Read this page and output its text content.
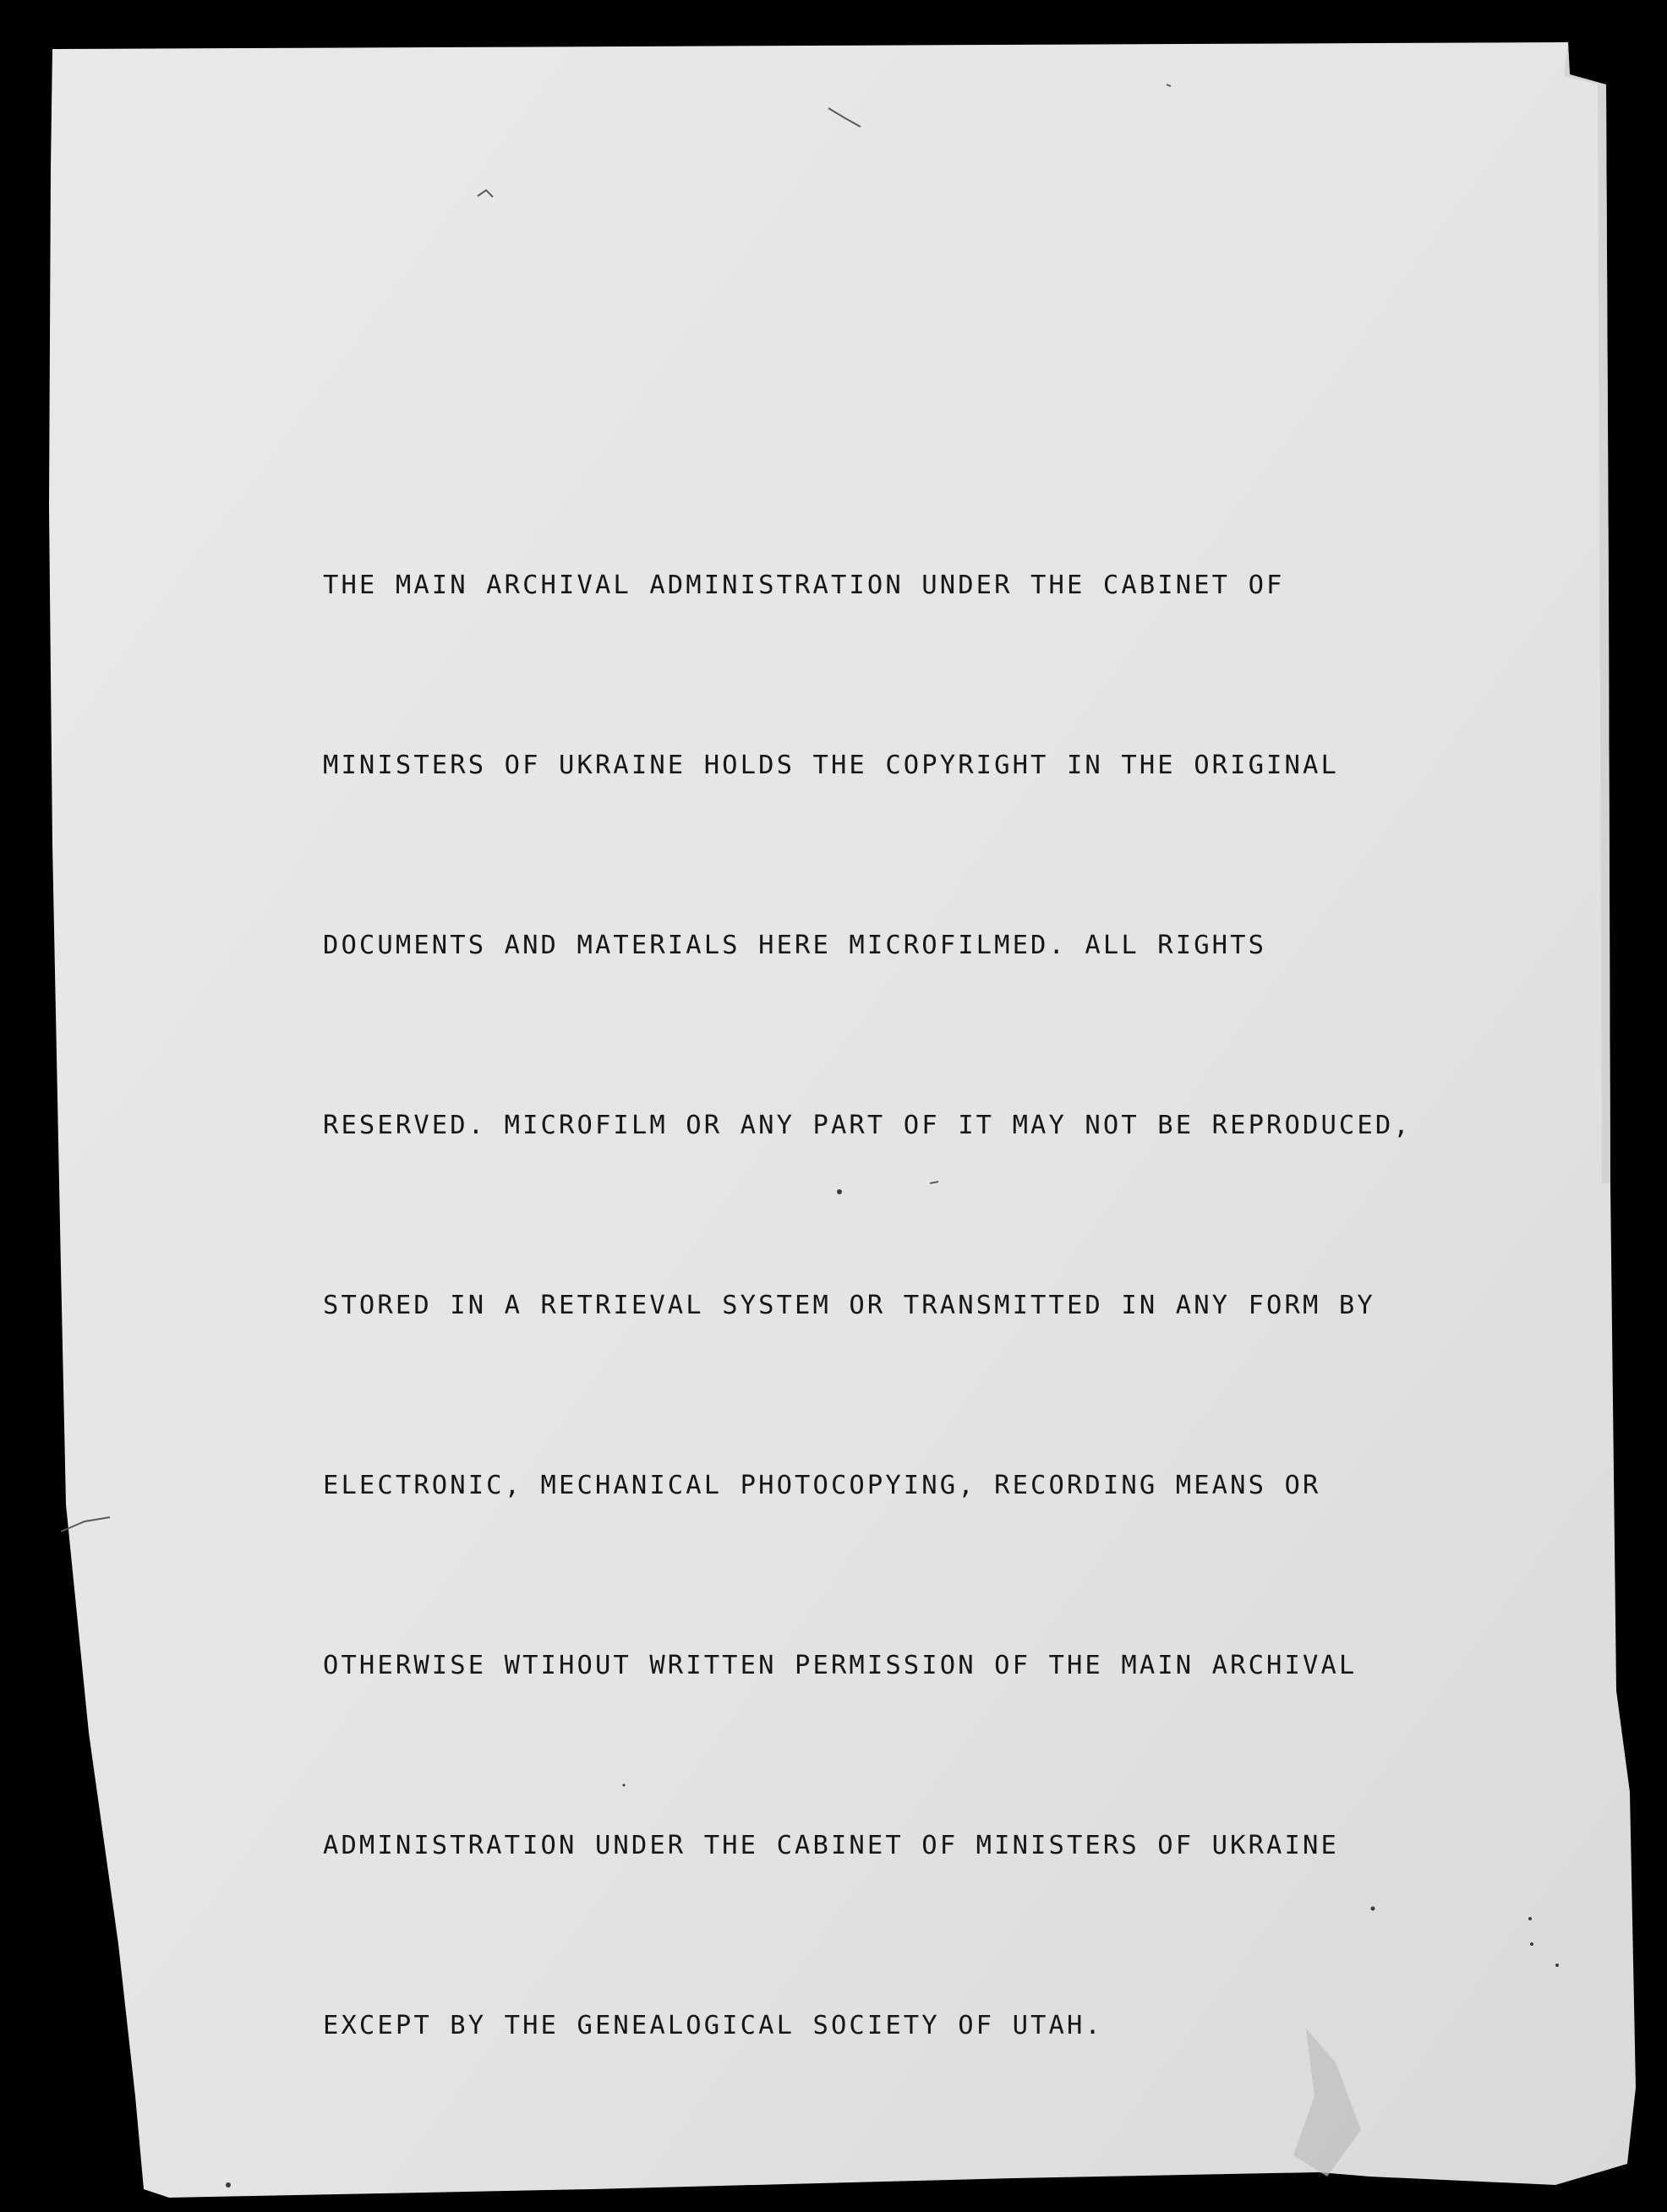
THE MAIN ARCHIVAL ADMINISTRATION UNDER THE CABINET OF

MINISTERS OF UKRAINE HOLDS THE COPYRIGHT IN THE ORIGINAL

DOCUMENTS AND MATERIALS HERE MICROFILMED. ALL RIGHTS

RESERVED. MICROFILM OR ANY PART OF IT MAY NOT BE REPRODUCED,

STORED IN A RETRIEVAL SYSTEM OR TRANSMITTED IN ANY FORM BY

ELECTRONIC, MECHANICAL PHOTOCOPYING, RECORDING MEANS OR

OTHERWISE WTIHOUT WRITTEN PERMISSION OF THE MAIN ARCHIVAL

ADMINISTRATION UNDER THE CABINET OF MINISTERS OF UKRAINE

EXCEPT BY THE GENEALOGICAL SOCIETY OF UTAH.
